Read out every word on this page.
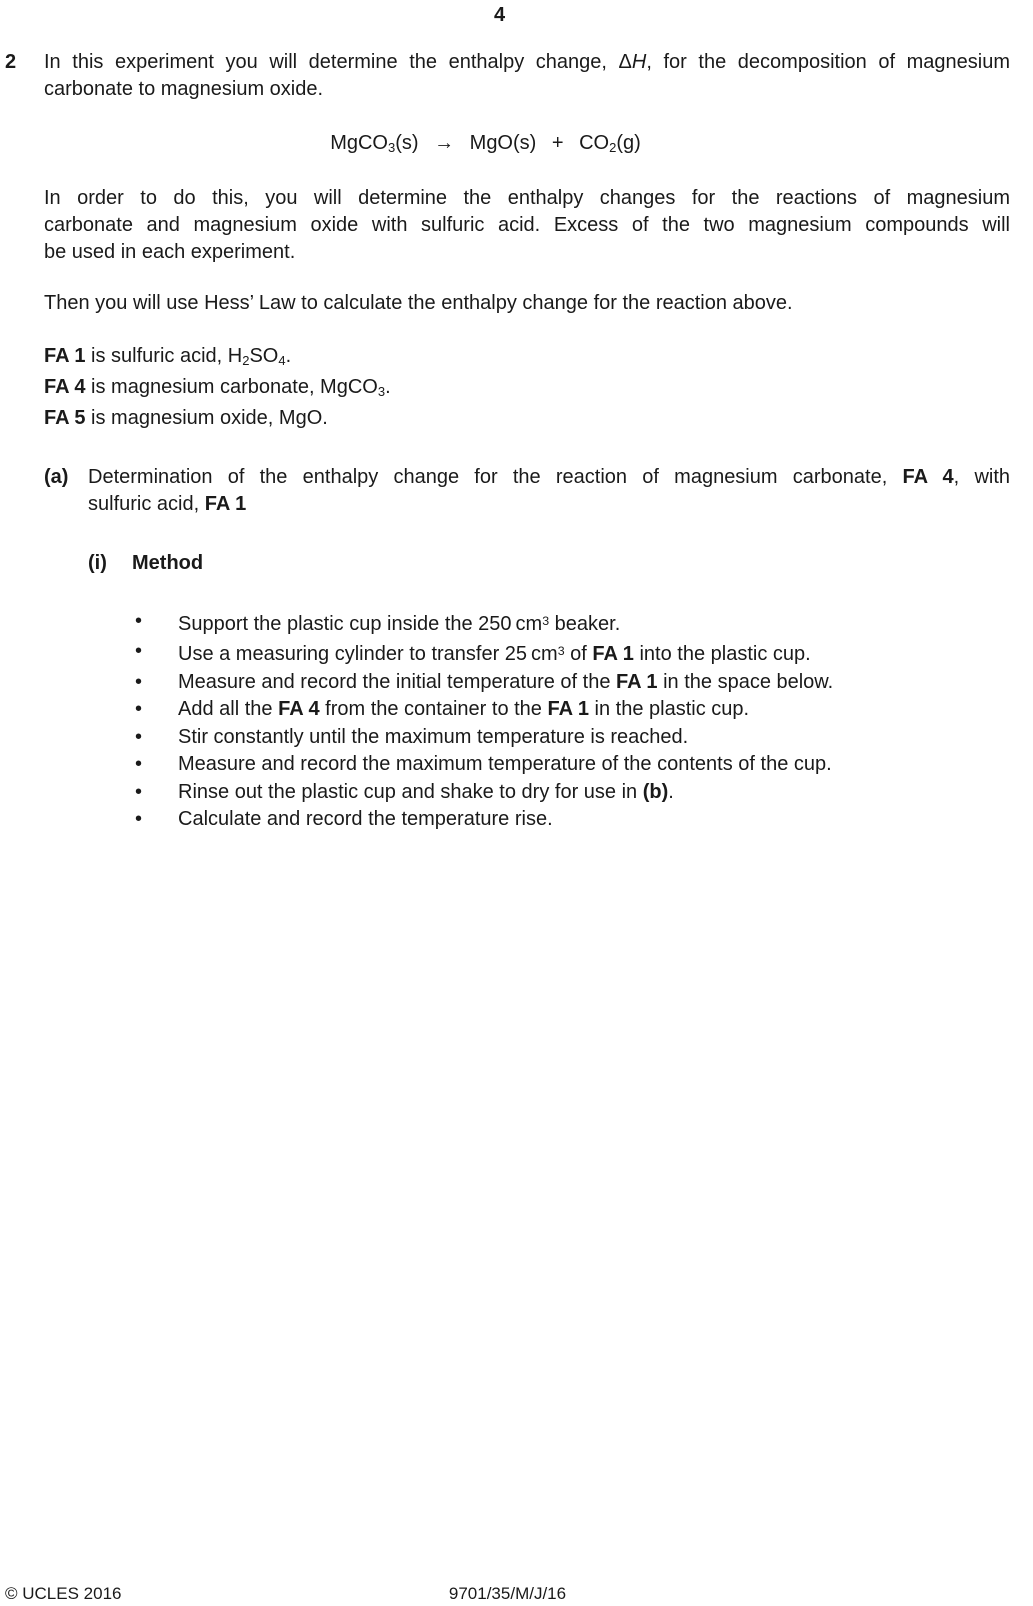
4
2	In this experiment you will determine the enthalpy change, ΔH, for the decomposition of magnesium
carbonate to magnesium oxide.
MgCO$_3$(s)  →  MgO(s)  +  $CO_2(g)$
In order to do this, you will determine the enthalpy changes for the reactions of magnesium
carbonate and magnesium oxide with sulfuric acid. Excess of the two magnesium compounds will
be used in each experiment.
Then you will use Hess’ Law to calculate the enthalpy change for the reaction above.
FA 1 is sulfuric acid, $H_2SO_4$.
FA 4 is magnesium carbonate, MgCO$_3$.
FA 5 is magnesium oxide, MgO.
(a) Determination of the enthalpy change for the reaction of magnesium carbonate, FA 4, with
sulfuric acid, FA 1
(i)	Method
•	Support the plastic cup inside the 250 $cm^3$ beaker.
•	Use a measuring cylinder to transfer 25 $cm^3$ of FA 1 into the plastic cup.
•	Measure and record the initial temperature of the FA 1 in the space below.
•	Add all the FA 4 from the container to the FA 1 in the plastic cup.
•	Stir constantly until the maximum temperature is reached.
•	Measure and record the maximum temperature of the contents of the cup.
•	Rinse out the plastic cup and shake to dry for use in (b).
•	Calculate and record the temperature rise.
© UCLES 2016	9701/35/M/J/16
